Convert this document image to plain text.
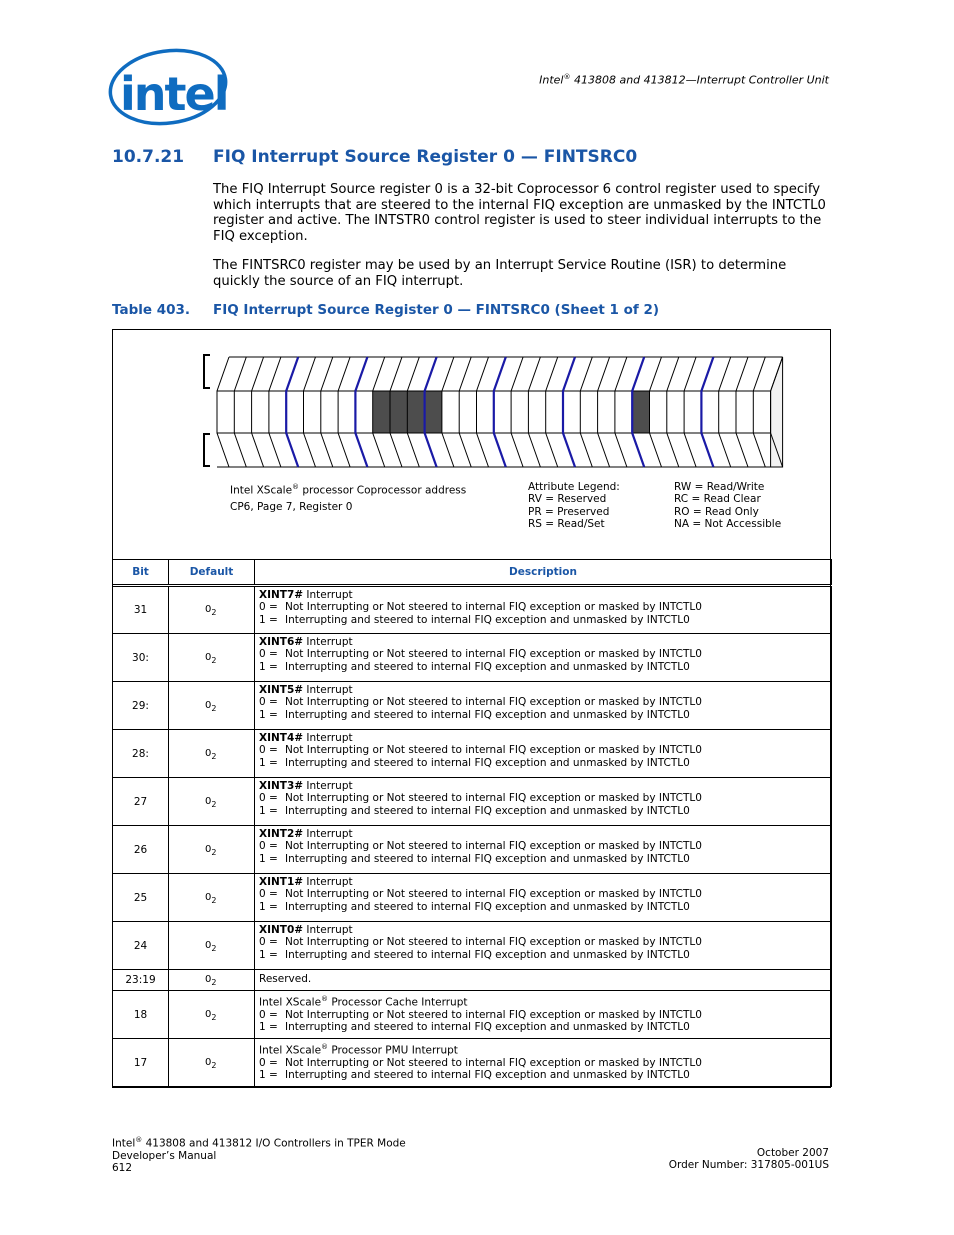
intel	Intel® 413808 and 413812—Interrupt Controller Unit
10.7.21 FIQ Interrupt Source Register 0 — FINTSRC0
The FIQ Interrupt Source register 0 is a 32-bit Coprocessor 6 control register used to specify which interrupts that are steered to the internal FIQ exception are unmasked by the INTCTL0 register and active. The INTSTR0 control register is used to steer individual interrupts to the FIQ exception.
The FINTSRC0 register may be used by an Interrupt Service Routine (ISR) to determine quickly the source of an FIQ interrupt.
Table 403. FIQ Interrupt Source Register 0 — FINTSRC0 (Sheet 1 of 2)
Intel XScale® processor Coprocessor address
CP6, Page 7, Register 0
Attribute Legend:
RV = Reserved
PR = Preserved
RS = Read/Set
RW = Read/Write
RC = Read Clear
RO = Read Only
NA = Not Accessible
Bit	Default	Description
31	$0_2$	XINT7# Interrupt
0 = Not Interrupting or Not steered to internal FIQ exception or masked by INTCTL0
1 = Interrupting and steered to internal FIQ exception and unmasked by INTCTL0

30:	$0_2$	XINT6# Interrupt
0 = Not Interrupting or Not steered to internal FIQ exception or masked by INTCTL0
1 = Interrupting and steered to internal FIQ exception and unmasked by INTCTL0

29:	$0_2$	XINT5# Interrupt
0 = Not Interrupting or Not steered to internal FIQ exception or masked by INTCTL0
1 = Interrupting and steered to internal FIQ exception and unmasked by INTCTL0

28:	$0_2$	XINT4# Interrupt
0 = Not Interrupting or Not steered to internal FIQ exception or masked by INTCTL0
1 = Interrupting and steered to internal FIQ exception and unmasked by INTCTL0

27	$0_2$	XINT3# Interrupt
0 = Not Interrupting or Not steered to internal FIQ exception or masked by INTCTL0
1 = Interrupting and steered to internal FIQ exception and unmasked by INTCTL0

26	$0_2$	XINT2# Interrupt
0 = Not Interrupting or Not steered to internal FIQ exception or masked by INTCTL0
1 = Interrupting and steered to internal FIQ exception and unmasked by INTCTL0

25	$0_2$	XINT1# Interrupt
0 = Not Interrupting or Not steered to internal FIQ exception or masked by INTCTL0
1 = Interrupting and steered to internal FIQ exception and unmasked by INTCTL0

24	$0_2$	XINT0# Interrupt
0 = Not Interrupting or Not steered to internal FIQ exception or masked by INTCTL0
1 = Interrupting and steered to internal FIQ exception and unmasked by INTCTL0

23:19	$0_2$	Reserved.
18	$0_2$	Intel XScale® Processor Cache Interrupt
0 = Not Interrupting or Not steered to internal FIQ exception or masked by INTCTL0
1 = Interrupting and steered to internal FIQ exception and unmasked by INTCTL0

17	$0_2$	Intel XScale® Processor PMU Interrupt
0 = Not Interrupting or Not steered to internal FIQ exception or masked by INTCTL0
1 = Interrupting and steered to internal FIQ exception and unmasked by INTCTL0
Intel® 413808 and 413812 I/O Controllers in TPER Mode
Developer’s Manual
612
October 2007
Order Number: 317805-001US
